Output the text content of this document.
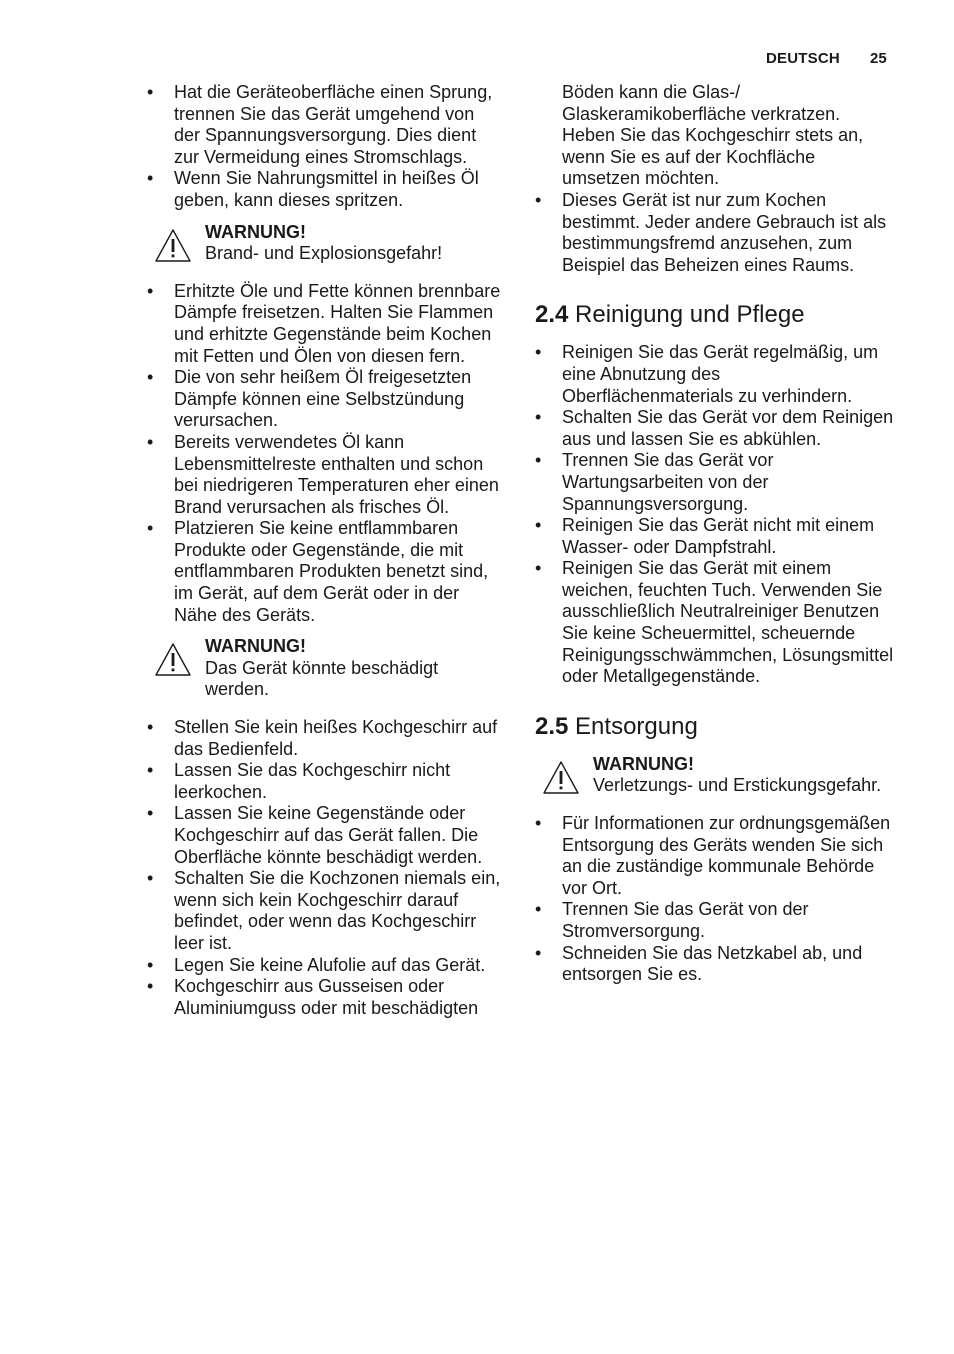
DEUTSCH 25
• Hat die Geräteoberfläche einen Sprung, trennen Sie das Gerät umgehend von der Spannungsversorgung. Dies dient zur Vermeidung eines Stromschlags.
• Wenn Sie Nahrungsmittel in heißes Öl geben, kann dieses spritzen.
WARNUNG!
Brand- und Explosionsgefahr!
• Erhitzte Öle und Fette können brennbare Dämpfe freisetzen. Halten Sie Flammen und erhitzte Gegenstände beim Kochen mit Fetten und Ölen von diesen fern.
• Die von sehr heißem Öl freigesetzten Dämpfe können eine Selbstzündung verursachen.
• Bereits verwendetes Öl kann Lebensmittelreste enthalten und schon bei niedrigeren Temperaturen eher einen Brand verursachen als frisches Öl.
• Platzieren Sie keine entflammbaren Produkte oder Gegenstände, die mit entflammbaren Produkten benetzt sind, im Gerät, auf dem Gerät oder in der Nähe des Geräts.
WARNUNG!
Das Gerät könnte beschädigt werden.
• Stellen Sie kein heißes Kochgeschirr auf das Bedienfeld.
• Lassen Sie das Kochgeschirr nicht leerkochen.
• Lassen Sie keine Gegenstände oder Kochgeschirr auf das Gerät fallen. Die Oberfläche könnte beschädigt werden.
• Schalten Sie die Kochzonen niemals ein, wenn sich kein Kochgeschirr darauf befindet, oder wenn das Kochgeschirr leer ist.
• Legen Sie keine Alufolie auf das Gerät.
• Kochgeschirr aus Gusseisen oder Aluminiumguss oder mit beschädigten
Böden kann die Glas-/ Glaskeramikoberfläche verkratzen. Heben Sie das Kochgeschirr stets an, wenn Sie es auf der Kochfläche umsetzen möchten.
• Dieses Gerät ist nur zum Kochen bestimmt. Jeder andere Gebrauch ist als bestimmungsfremd anzusehen, zum Beispiel das Beheizen eines Raums.
2.4 Reinigung und Pflege
• Reinigen Sie das Gerät regelmäßig, um eine Abnutzung des Oberflächenmaterials zu verhindern.
• Schalten Sie das Gerät vor dem Reinigen aus und lassen Sie es abkühlen.
• Trennen Sie das Gerät vor Wartungsarbeiten von der Spannungsversorgung.
• Reinigen Sie das Gerät nicht mit einem Wasser- oder Dampfstrahl.
• Reinigen Sie das Gerät mit einem weichen, feuchten Tuch. Verwenden Sie ausschließlich Neutralreiniger Benutzen Sie keine Scheuermittel, scheuernde Reinigungsschwämmchen, Lösungsmittel oder Metallgegenstände.
2.5 Entsorgung
WARNUNG!
Verletzungs- und Erstickungsgefahr.
• Für Informationen zur ordnungsgemäßen Entsorgung des Geräts wenden Sie sich an die zuständige kommunale Behörde vor Ort.
• Trennen Sie das Gerät von der Stromversorgung.
• Schneiden Sie das Netzkabel ab, und entsorgen Sie es.
